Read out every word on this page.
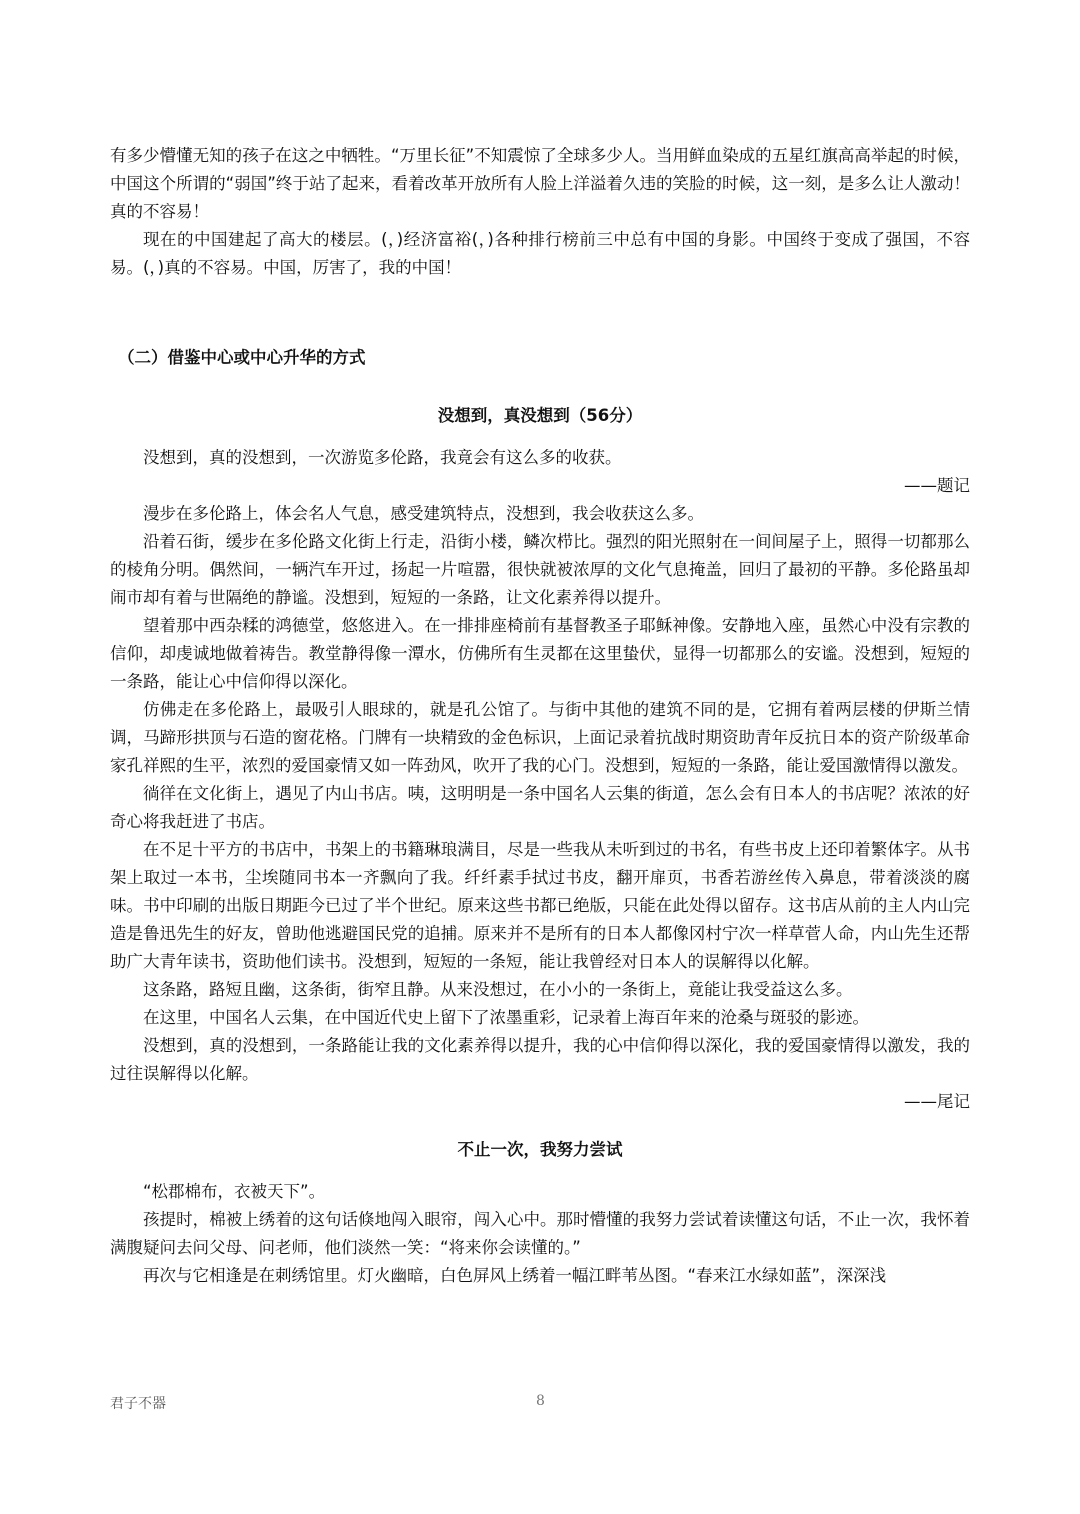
有多少懵懂无知的孩子在这之中牺牲。“万里长征”不知震惊了全球多少人。当用鲜血染成的五星红旗高高举起的时候，中国这个所谓的“弱国”终于站了起来，看着改革开放所有人脸上洋溢着久违的笑脸的时候，这一刻，是多么让人激动！真的不容易！

现在的中国建起了高大的楼层。(，)经济富裕(，)各种排行榜前三中总有中国的身影。中国终于变成了强国，不容易。(，)真的不容易。中国，厉害了，我的中国！

（二）借鉴中心或中心升华的方式
没想到，真没想到（56分）

没想到，真的没想到，一次游览多伦路，我竟会有这么多的收获。

——题记

漫步在多伦路上，体会名人气息，感受建筑特点，没想到，我会收获这么多。

沿着石街，缓步在多伦路文化街上行走，沿街小楼，鳞次栉比。强烈的阳光照射在一间间屋子上，照得一切都那么的棱角分明。偶然间，一辆汽车开过，扬起一片喧嚣，很快就被浓厚的文化气息掩盖，回归了最初的平静。多伦路虽却闹市却有着与世隔绝的静谧。没想到，短短的一条路，让文化素养得以提升。

望着那中西杂糅的鸿德堂，悠悠进入。在一排排座椅前有基督教圣子耶稣神像。安静地入座，虽然心中没有宗教的信仰，却虔诚地做着祷告。教堂静得像一潭水，仿佛所有生灵都在这里蛰伏，显得一切都那么的安谧。没想到，短短的一条路，能让心中信仰得以深化。

仿佛走在多伦路上，最吸引人眼球的，就是孔公馆了。与街中其他的建筑不同的是，它拥有着两层楼的伊斯兰情调，马蹄形拱顶与石造的窗花格。门牌有一块精致的金色标识，上面记录着抗战时期资助青年反抗日本的资产阶级革命家孔祥熙的生平，浓烈的爱国豪情又如一阵劲风，吹开了我的心门。没想到，短短的一条路，能让爱国激情得以激发。

徜徉在文化街上，遇见了内山书店。咦，这明明是一条中国名人云集的街道，怎么会有日本人的书店呢？浓浓的好奇心将我赶进了书店。

在不足十平方的书店中，书架上的书籍琳琅满目，尽是一些我从未听到过的书名，有些书皮上还印着繁体字。从书架上取过一本书，尘埃随同书本一齐飘向了我。纤纤素手拭过书皮，翻开扉页，书香若游丝传入鼻息，带着淡淡的腐味。书中印刷的出版日期距今已过了半个世纪。原来这些书都已绝版，只能在此处得以留存。这书店从前的主人内山完造是鲁迅先生的好友，曾助他逃避国民党的追捕。原来并不是所有的日本人都像冈村宁次一样草菅人命，内山先生还帮助广大青年读书，资助他们读书。没想到，短短的一条短，能让我曾经对日本人的误解得以化解。

这条路，路短且幽，这条街，街窄且静。从来没想过，在小小的一条街上，竟能让我受益这么多。

在这里，中国名人云集，在中国近代史上留下了浓墨重彩，记录着上海百年来的沧桑与斑驳的影迹。

没想到，真的没想到，一条路能让我的文化素养得以提升，我的心中信仰得以深化，我的爱国豪情得以激发，我的过往误解得以化解。

——尾记

不止一次，我努力尝试

“松郡棉布，衣被天下”。

孩提时，棉被上绣着的这句话倏地闯入眼帘，闯入心中。那时懵懂的我努力尝试着读懂这句话，不止一次，我怀着满腹疑问去问父母、问老师，他们淡然一笑：“将来你会读懂的。”

再次与它相逢是在刺绣馆里。灯火幽暗，白色屏风上绣着一幅江畔苇丛图。“春来江水绿如蓝”，深深浅

君子不器	8
